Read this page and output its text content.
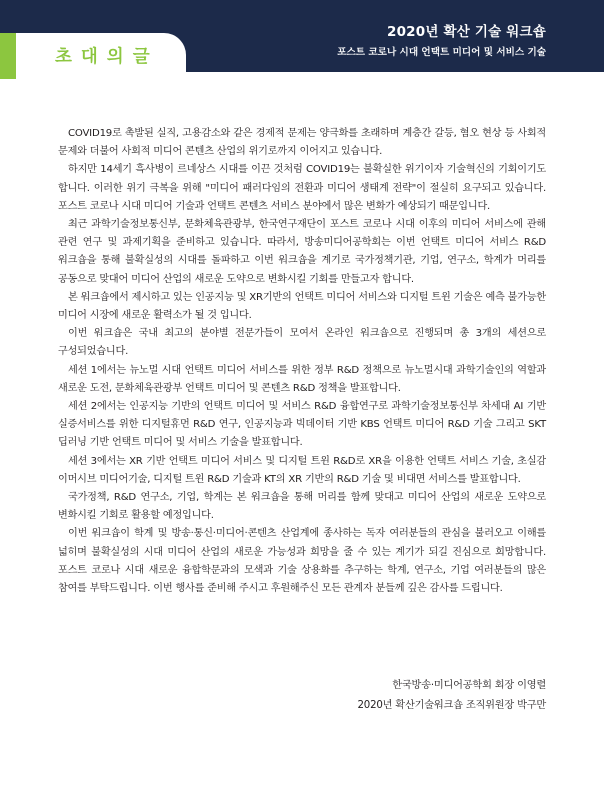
2020년 확산 기술 워크숍
포스트 코로나 시대 언택트 미디어 및 서비스 기술
초대의글

COVID19로 촉발된 실직, 고용감소와 같은 경제적 문제는 양극화를 초래하며 계층간 갈등, 혐오 현상 등 사회적 문제와 더불어 사회적 미디어 콘텐츠 산업의 위기로까지 이어지고 있습니다.

하지만 14세기 흑사병이 르네상스 시대를 이끈 것처럼 COVID19는 불확실한 위기이자 기술혁신의 기회이기도 합니다. 이러한 위기 극복을 위해 "미디어 패러다임의 전환과 미디어 생태계 전략"이 절실히 요구되고 있습니다. 포스트 코로나 시대 미디어 기술과 언택트 콘텐츠 서비스 분야에서 많은 변화가 예상되기 때문입니다.

최근 과학기술정보통신부, 문화체육관광부, 한국연구재단이 포스트 코로나 시대 이후의 미디어 서비스에 관해 관련 연구 및 과제기획을 준비하고 있습니다. 따라서, 방송미디어공학회는 이번 언택트 미디어 서비스 R&D 워크숍을 통해 불확실성의 시대를 돌파하고 이번 워크숍을 계기로 국가정책기관, 기업, 연구소, 학계가 머리를 공동으로 맞대어 미디어 산업의 새로운 도약으로 변화시킬 기회를 만들고자 합니다.

본 워크숍에서 제시하고 있는 인공지능 및 XR기반의 언택트 미디어 서비스와 디지털 트윈 기술은 예측 불가능한 미디어 시장에 새로운 활력소가 될 것 입니다.

이번 워크숍은 국내 최고의 분야별 전문가들이 모여서 온라인 워크숍으로 진행되며 총 3개의 세션으로 구성되었습니다.

세션 1에서는 뉴노멀 시대 언택트 미디어 서비스를 위한 정부 R&D 정책으로 뉴노멀시대 과학기술인의 역할과 새로운 도전, 문화체육관광부 언택트 미디어 및 콘텐츠 R&D 정책을 발표합니다.

세션 2에서는 인공지능 기반의 언택트 미디어 및 서비스 R&D 융합연구로 과학기술정보통신부 차세대 AI 기반 실증서비스를 위한 디지털휴먼 R&D 연구, 인공지능과 빅데이터 기반 KBS 언택트 미디어 R&D 기술 그리고 SKT 딥러닝 기반 언택트 미디어 및 서비스 기술을 발표합니다.

세션 3에서는 XR 기반 언택트 미디어 서비스 및 디지털 트윈 R&D로 XR을 이용한 언택트 서비스 기술, 초실감 이머시브 미디어기술, 디지털 트윈 R&D 기술과 KT의 XR 기반의 R&D 기술 및 비대면 서비스를 발표합니다.

국가정책, R&D 연구소, 기업, 학계는 본 워크숍을 통해 머리를 함께 맞대고 미디어 산업의 새로운 도약으로 변화시킬 기회로 활용할 예정입니다.

이번 워크숍이 학계 및 방송·통신·미디어·콘텐츠 산업계에 종사하는 독자 여러분들의 관심을 불러오고 이해를 넓히며 불확실성의 시대 미디어 산업의 새로운 가능성과 희망을 줄 수 있는 계기가 되길 진심으로 희망합니다. 포스트 코로나 시대 새로운 융합학문과의 모색과 기술 상용화를 추구하는 학계, 연구소, 기업 여러분들의 많은 참여를 부탁드립니다. 이번 행사를 준비해 주시고 후원해주신 모든 관계자 분들께 깊은 감사를 드립니다.

한국방송·미디어공학회 회장 이영렬
2020년 확산기술워크숍 조직위원장 박구만
